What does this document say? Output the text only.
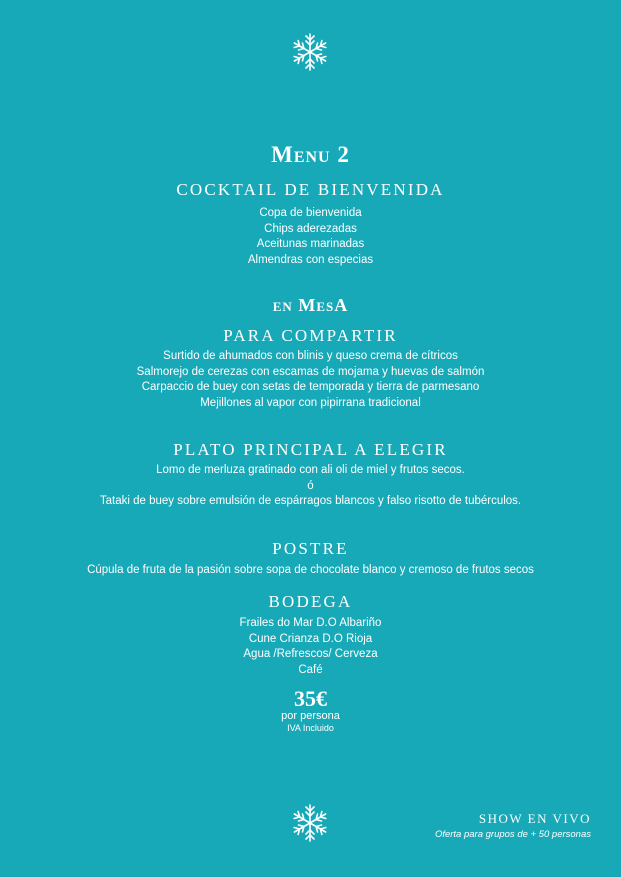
Menu 2
COCKTAIL DE BIENVENIDA
Copa de bienvenida
Chips aderezadas
Aceitunas marinadas
Almendras con especias
en MesA
PARA COMPARTIR
Surtido de ahumados con blinis y queso crema de cítricos
Salmorejo de cerezas con escamas de mojama y huevas de salmón
Carpaccio de buey con setas de temporada y tierra de parmesano
Mejillones al vapor con pipirrana tradicional
PLATO PRINCIPAL A ELEGIR
Lomo de merluza gratinado con ali oli de miel y frutos secos.
ó
Tataki de buey sobre emulsión de espárragos blancos y falso risotto de tubérculos.
POSTRE
Cúpula de fruta de la pasión sobre sopa de chocolate blanco y cremoso de frutos secos
BODEGA
Frailes do Mar D.O Albariño
Cune Crianza D.O Rioja
Agua /Refrescos/ Cerveza
Café
35€
por persona
IVA Incluido
SHOW EN VIVO
Oferta para grupos de + 50 personas
